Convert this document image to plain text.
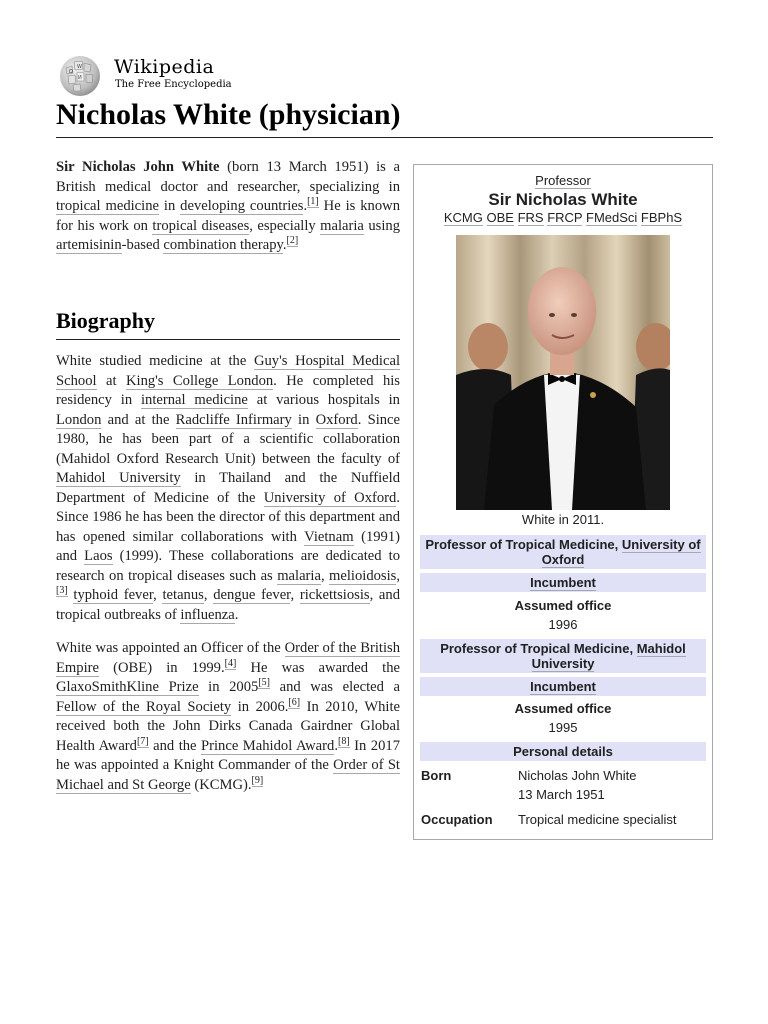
Ω
W
И Wikipedia
The Free Encyclopedia
Nicholas White (physician)

Sir Nicholas John White (born 13 March 1951) is a British medical doctor and researcher, specializing in tropical medicine in developing countries.[1] He is known for his work on tropical diseases, especially malaria using artemisinin-based combination therapy.[2]

Biography

White studied medicine at the Guy's Hospital Medical School at King's College London. He completed his residency in internal medicine at various hospitals in London and at the Radcliffe Infirmary in Oxford. Since 1980, he has been part of a scientific collaboration (Mahidol Oxford Research Unit) between the faculty of Mahidol University in Thailand and the Nuffield Department of Medicine of the University of Oxford. Since 1986 he has been the director of this department and has opened similar collaborations with Vietnam (1991) and Laos (1999). These collaborations are dedicated to research on tropical diseases such as malaria, melioidosis,[3] typhoid fever, tetanus, dengue fever, rickettsiosis, and tropical outbreaks of influenza.

White was appointed an Officer of the Order of the British Empire (OBE) in 1999.[4] He was awarded the GlaxoSmithKline Prize in 2005[5] and was elected a Fellow of the Royal Society in 2006.[6] In 2010, White received both the John Dirks Canada Gairdner Global Health Award[7] and the Prince Mahidol Award.[8] In 2017 he was appointed a Knight Commander of the Order of St Michael and St George (KCMG).[9]

Professor
Sir Nicholas White
KCMG OBE FRS FRCP FMedSci FBPhS
White in 2011.
Professor of Tropical Medicine, University of Oxford
Incumbent
Assumed office
1996
Professor of Tropical Medicine, Mahidol University
Incumbent
Assumed office
1995
Personal details
Born	Nicholas John White
13 March 1951
Occupation Tropical medicine specialist
